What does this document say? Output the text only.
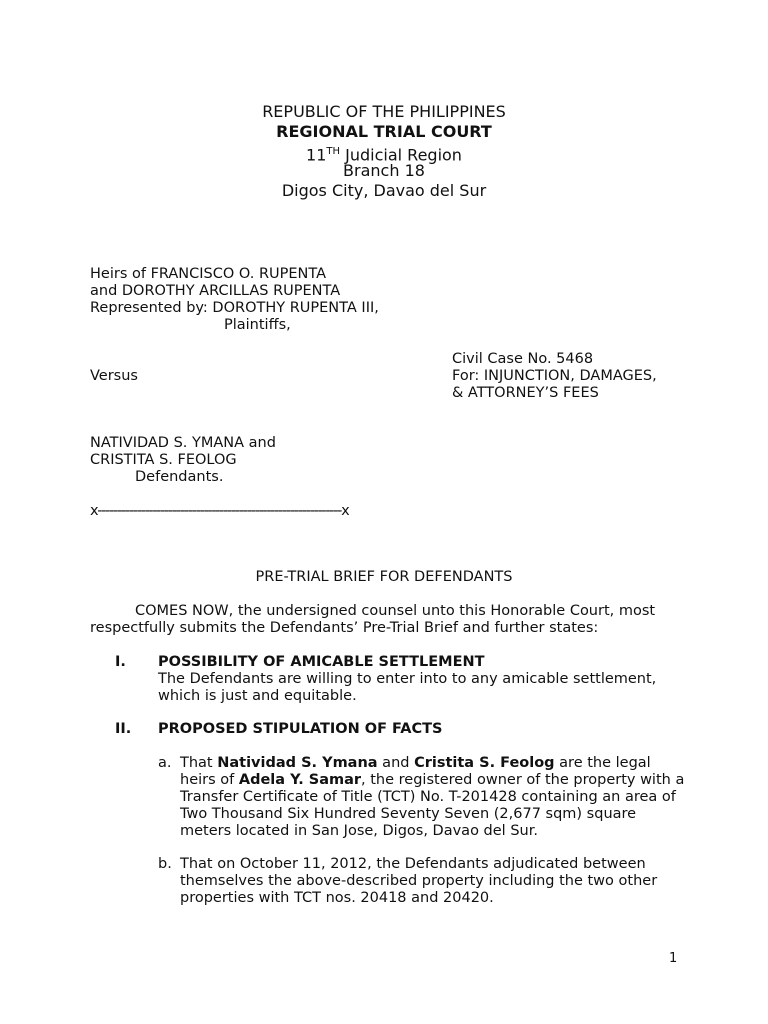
REPUBLIC OF THE PHILIPPINES
REGIONAL TRIAL COURT
11TH Judicial Region
Branch 18
Digos City, Davao del Sur
Heirs of FRANCISCO O. RUPENTA
and DOROTHY ARCILLAS RUPENTA
Represented by: DOROTHY RUPENTA III,
Plaintiffs,
Civil Case No. 5468
Versus	For: INJUNCTION, DAMAGES,
& ATTORNEY’S FEES
NATIVIDAD S. YMANA and
CRISTITA S. FEOLOG
Defendants.
x--------------------------------------------------------------x
PRE-TRIAL BRIEF FOR DEFENDANTS
COMES NOW, the undersigned counsel unto this Honorable Court, most respectfully submits the Defendants’ Pre-Trial Brief and further states:
I. POSSIBILITY OF AMICABLE SETTLEMENT
The Defendants are willing to enter into to any amicable settlement, which is just and equitable.
II. PROPOSED STIPULATION OF FACTS
a. That Natividad S. Ymana and Cristita S. Feolog are the legal heirs of Adela Y. Samar, the registered owner of the property with a Transfer Certificate of Title (TCT) No. T-201428 containing an area of Two Thousand Six Hundred Seventy Seven (2,677 sqm) square meters located in San Jose, Digos, Davao del Sur.
b. That on October 11, 2012, the Defendants adjudicated between themselves the above-described property including the two other properties with TCT nos. 20418 and 20420.
1
